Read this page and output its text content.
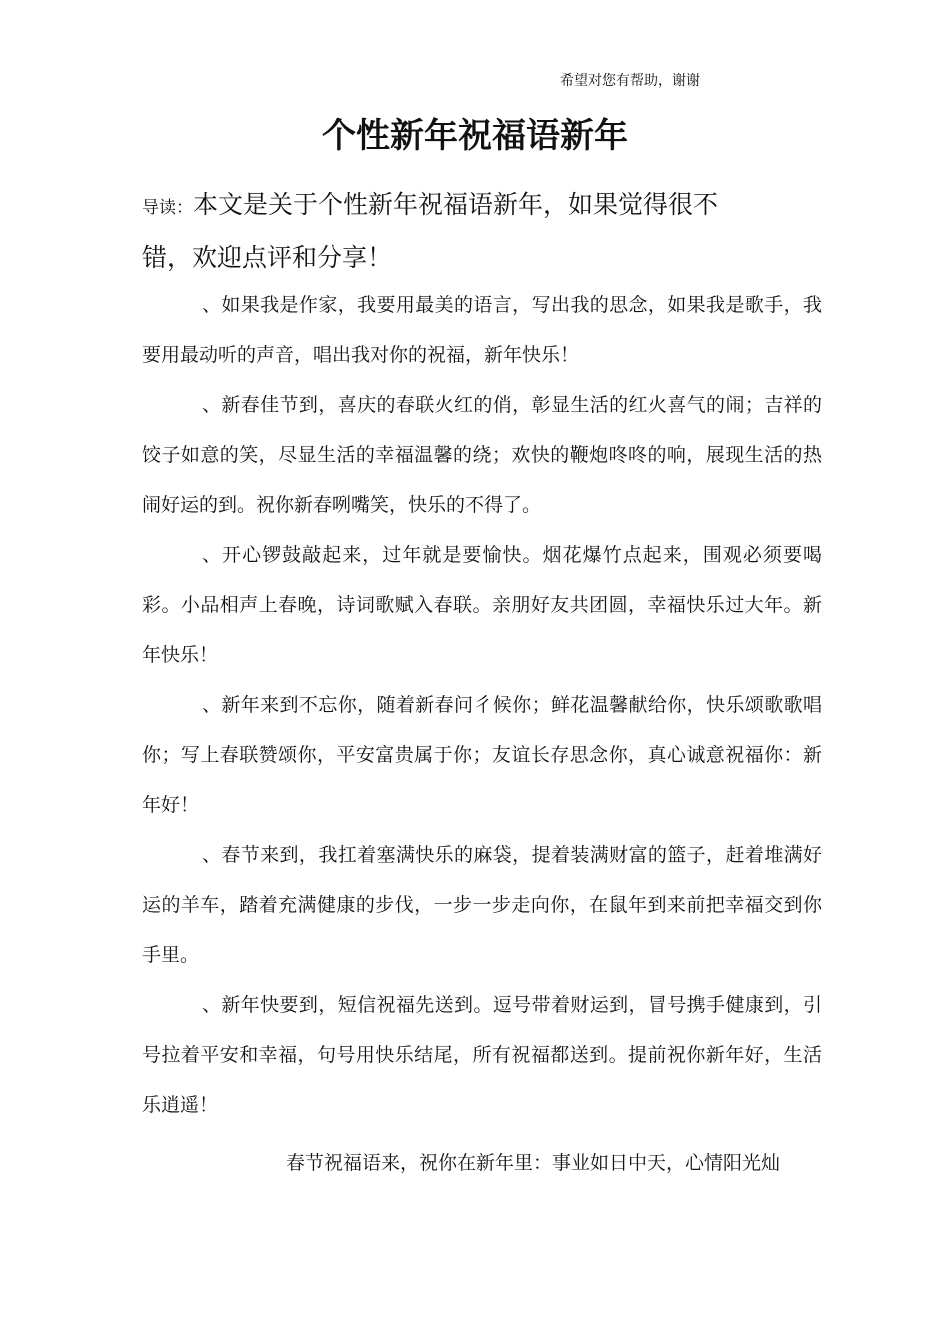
希望对您有帮助，谢谢
个性新年祝福语新年
导读：本文是关于个性新年祝福语新年，如果觉得很不错，欢迎点评和分享！

、如果我是作家，我要用最美的语言，写出我的思念，如果我是歌手，我要用最动听的声音，唱出我对你的祝福，新年快乐！

、新春佳节到，喜庆的春联火红的俏，彰显生活的红火喜气的闹；吉祥的饺子如意的笑，尽显生活的幸福温馨的绕；欢快的鞭炮咚咚的响，展现生活的热闹好运的到。祝你新春咧嘴笑，快乐的不得了。

、开心锣鼓敲起来，过年就是要愉快。烟花爆竹点起来，围观必须要喝彩。小品相声上春晚，诗词歌赋入春联。亲朋好友共团圆，幸福快乐过大年。新年快乐！

、新年来到不忘你，随着新春问彳候你；鲜花温馨献给你，快乐颂歌歌唱你；写上春联赞颂你，平安富贵属于你；友谊长存思念你，真心诚意祝福你：新年好！

、春节来到，我扛着塞满快乐的麻袋，提着装满财富的篮子，赶着堆满好运的羊车，踏着充满健康的步伐，一步一步走向你，在鼠年到来前把幸福交到你手里。

、新年快要到，短信祝福先送到。逗号带着财运到，冒号携手健康到，引号拉着平安和幸福，句号用快乐结尾，所有祝福都送到。提前祝你新年好，生活乐逍遥！

春节祝福语来，祝你在新年里：事业如日中天，心情阳光灿
